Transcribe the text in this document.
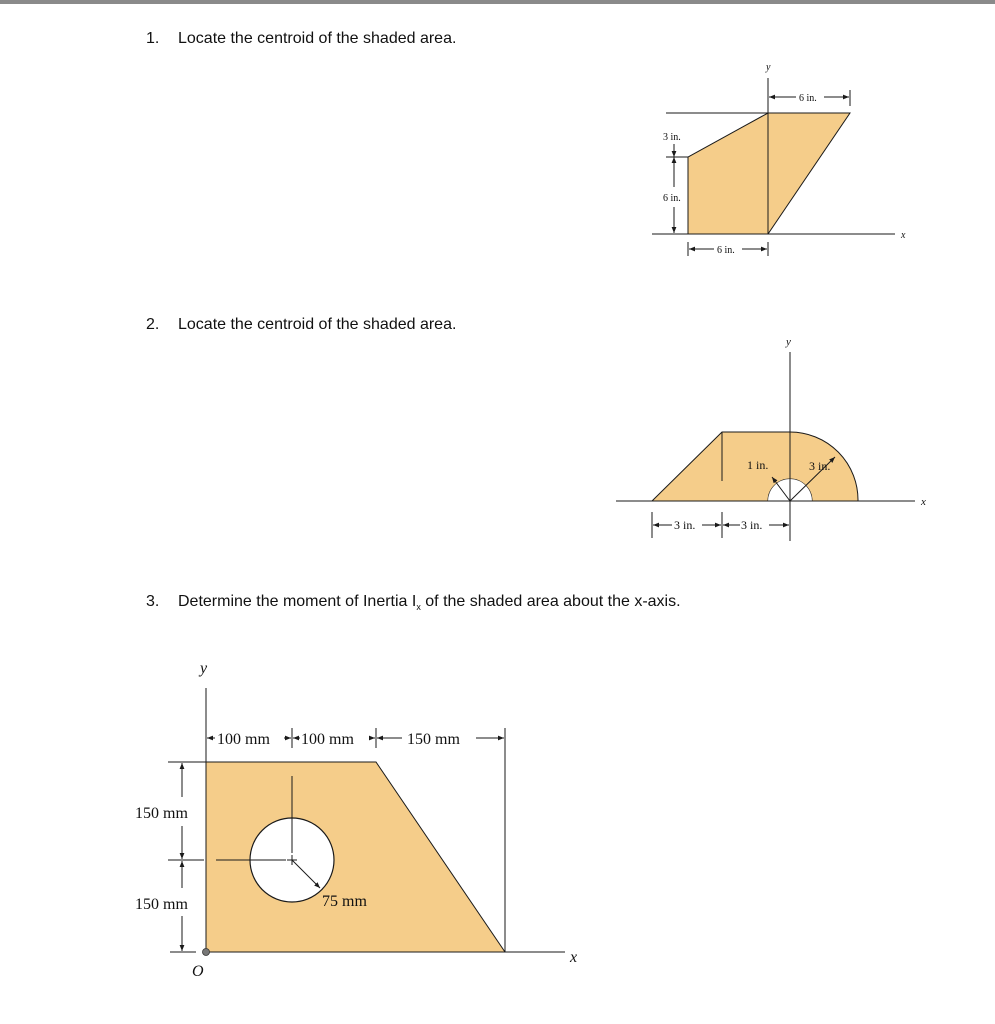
1. Locate the centroid of the shaded area.
2. Locate the centroid of the shaded area.
3. Determine the moment of Inertia $I_x$ of the shaded area about the x-axis.
y
x
6 in.
3 in.
6 in.
6 in.
y
x
1 in.	3 in.
3 in.	3 in.
y
x
O
100 mm 100 mm	150 mm
150 mm
150 mm	75 mm
